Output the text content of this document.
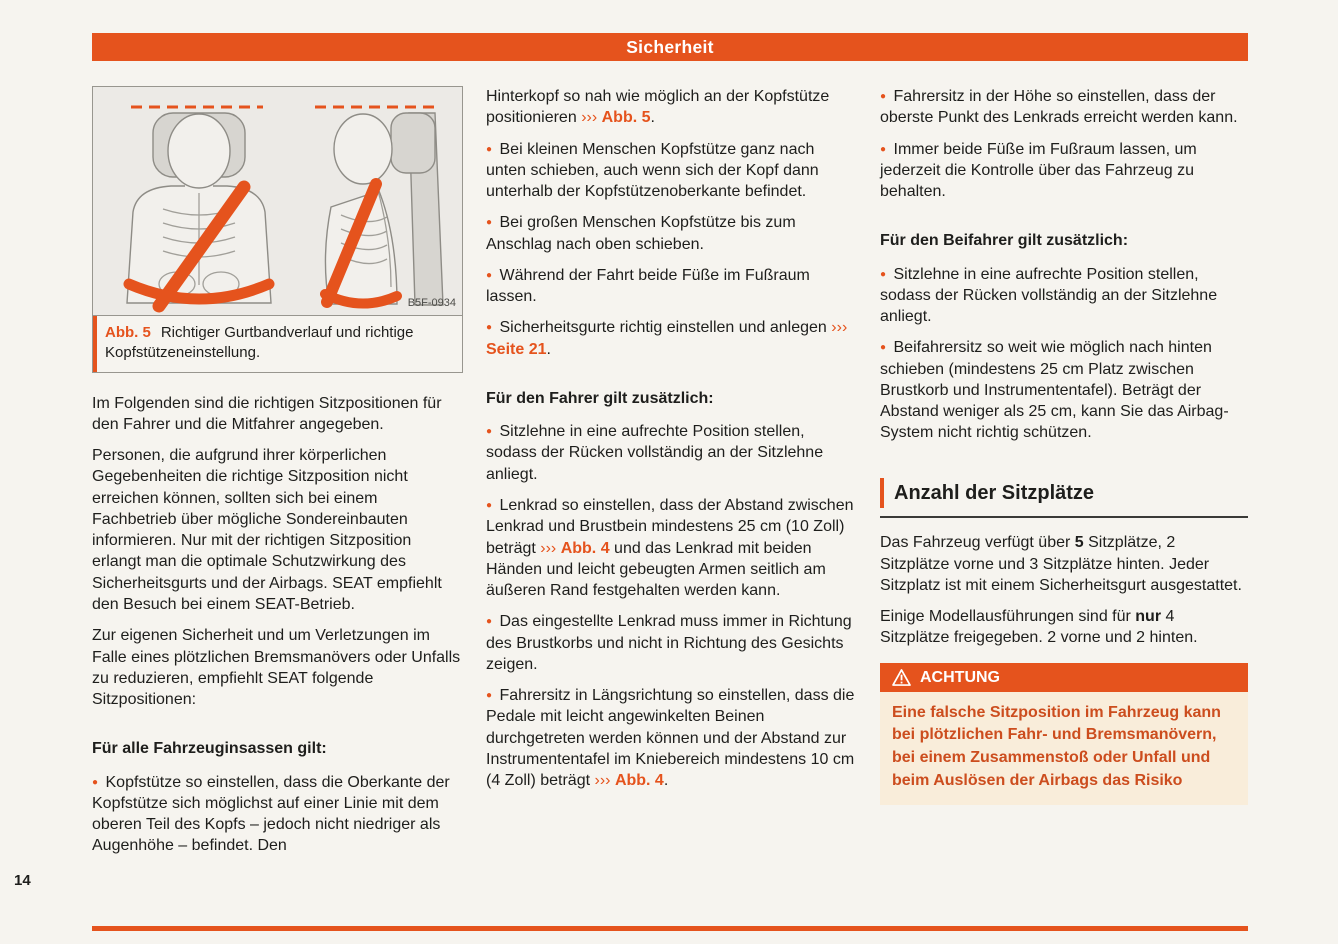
Sicherheit
B5F-0934
Abb. 5 Richtiger Gurtbandverlauf und richtige Kopfstützeneinstellung.

Im Folgenden sind die richtigen Sitzpositionen für den Fahrer und die Mitfahrer angegeben.

Personen, die aufgrund ihrer körperlichen Gegebenheiten die richtige Sitzposition nicht erreichen können, sollten sich bei einem Fachbetrieb über mögliche Sondereinbauten informieren. Nur mit der richtigen Sitzposition erlangt man die optimale Schutzwirkung des Sicherheitsgurts und der Airbags. SEAT empfiehlt den Besuch bei einem SEAT-Betrieb.

Zur eigenen Sicherheit und um Verletzungen im Falle eines plötzlichen Bremsmanövers oder Unfalls zu reduzieren, empfiehlt SEAT folgende Sitzpositionen:

Für alle Fahrzeuginsassen gilt:

● Kopfstütze so einstellen, dass die Oberkante der Kopfstütze sich möglichst auf einer Linie mit dem oberen Teil des Kopfs – jedoch nicht niedriger als Augenhöhe – befindet. Den

Hinterkopf so nah wie möglich an der Kopfstütze positionieren ››› Abb. 5.

● Bei kleinen Menschen Kopfstütze ganz nach unten schieben, auch wenn sich der Kopf dann unterhalb der Kopfstützenoberkante befindet.

● Bei großen Menschen Kopfstütze bis zum Anschlag nach oben schieben.

● Während der Fahrt beide Füße im Fußraum lassen.

● Sicherheitsgurte richtig einstellen und anlegen ››› Seite 21.

Für den Fahrer gilt zusätzlich:

● Sitzlehne in eine aufrechte Position stellen, sodass der Rücken vollständig an der Sitzlehne anliegt.

● Lenkrad so einstellen, dass der Abstand zwischen Lenkrad und Brustbein mindestens 25 cm (10 Zoll) beträgt ››› Abb. 4 und das Lenkrad mit beiden Händen und leicht gebeugten Armen seitlich am äußeren Rand festgehalten werden kann.

● Das eingestellte Lenkrad muss immer in Richtung des Brustkorbs und nicht in Richtung des Gesichts zeigen.

● Fahrersitz in Längsrichtung so einstellen, dass die Pedale mit leicht angewinkelten Beinen durchgetreten werden können und der Abstand zur Instrumententafel im Kniebereich mindestens 10 cm (4 Zoll) beträgt ››› Abb. 4.

● Fahrersitz in der Höhe so einstellen, dass der oberste Punkt des Lenkrads erreicht werden kann.

● Immer beide Füße im Fußraum lassen, um jederzeit die Kontrolle über das Fahrzeug zu behalten.

Für den Beifahrer gilt zusätzlich:

● Sitzlehne in eine aufrechte Position stellen, sodass der Rücken vollständig an der Sitzlehne anliegt.

● Beifahrersitz so weit wie möglich nach hinten schieben (mindestens 25 cm Platz zwischen Brustkorb und Instrumententafel). Beträgt der Abstand weniger als 25 cm, kann Sie das Airbag-System nicht richtig schützen.

Anzahl der Sitzplätze

Das Fahrzeug verfügt über 5 Sitzplätze, 2 Sitzplätze vorne und 3 Sitzplätze hinten. Jeder Sitzplatz ist mit einem Sicherheitsgurt ausgestattet.

Einige Modellausführungen sind für nur 4 Sitzplätze freigegeben. 2 vorne und 2 hinten.

ACHTUNG
Eine falsche Sitzposition im Fahrzeug kann bei plötzlichen Fahr- und Bremsmanövern, bei einem Zusammenstoß oder Unfall und beim Auslösen der Airbags das Risiko
14
